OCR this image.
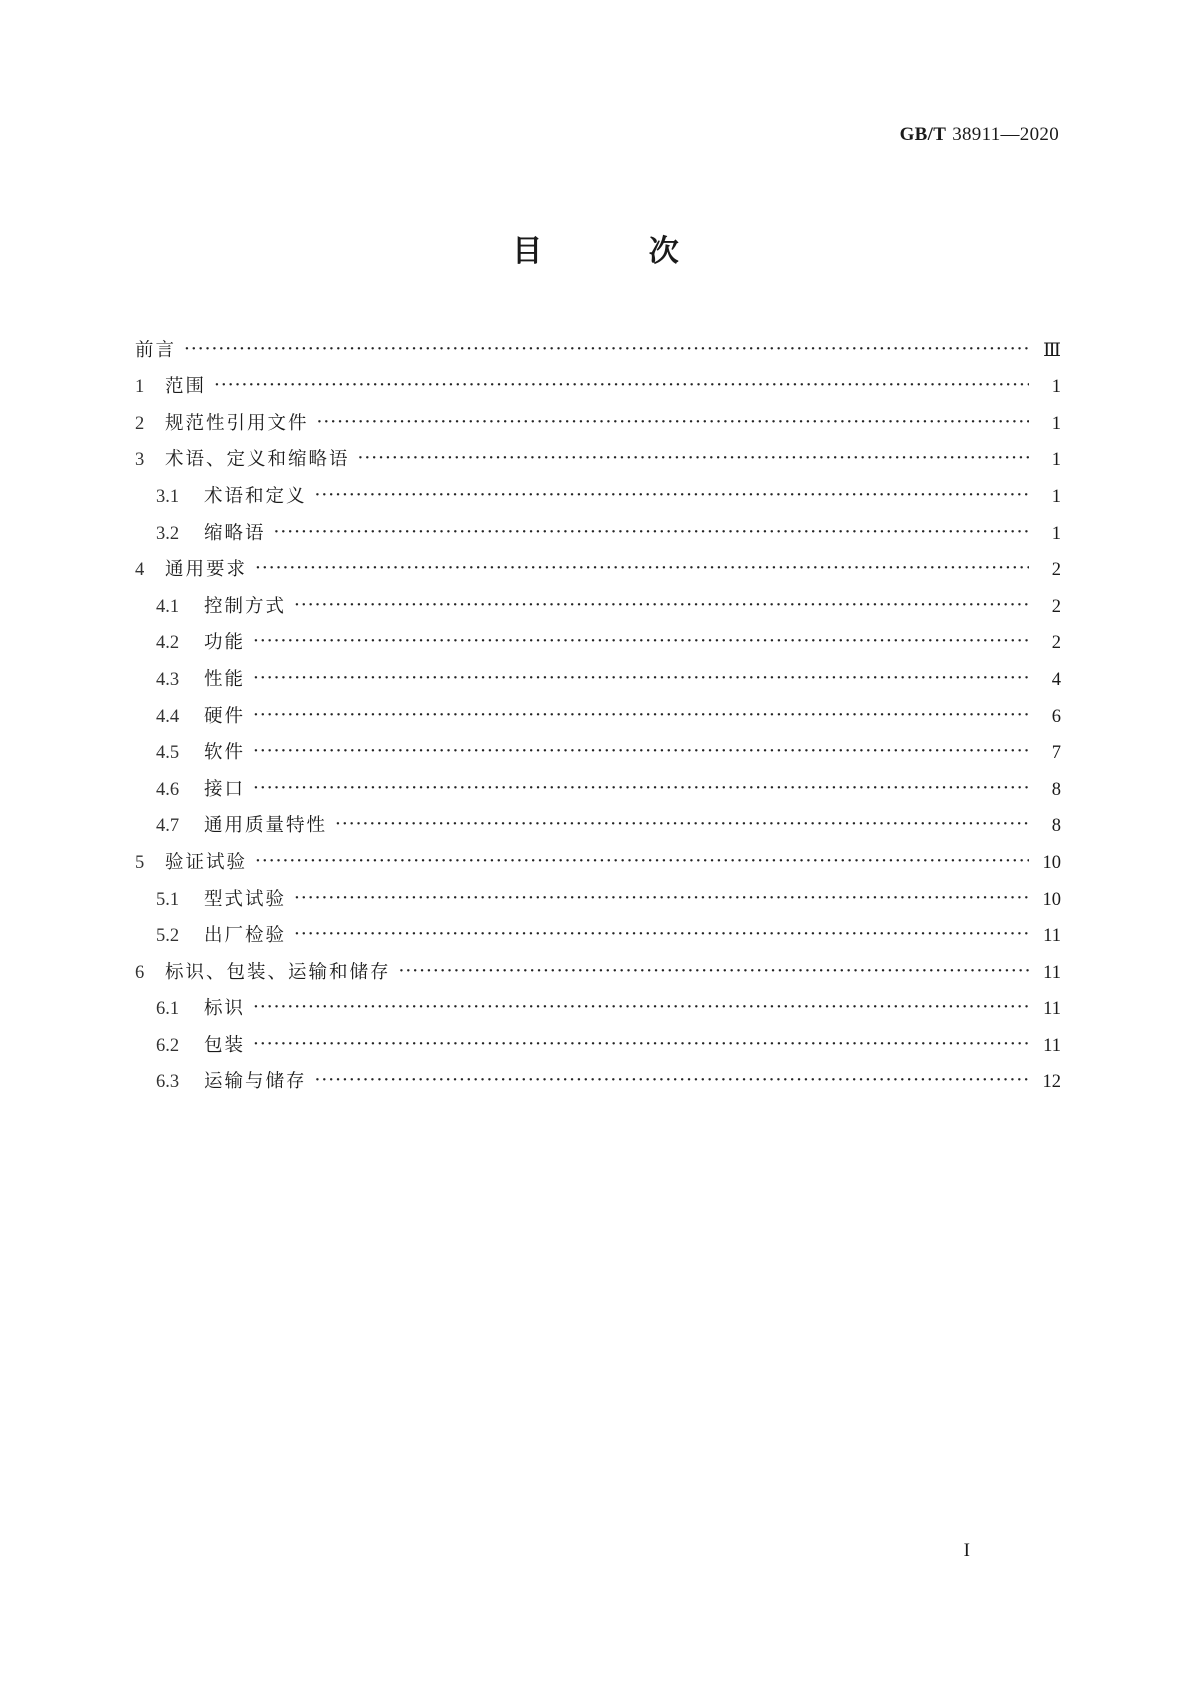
GB/T 38911—2020
目 次
前言 ·····	Ⅲ
1	范围 ·····	1
2	规范性引用文件 ·····	1
3	术语、定义和缩略语 ·····	1
3.1	术语和定义 ·····	1
3.2	缩略语 ·····	1
4	通用要求 ·····	2
4.1	控制方式 ·····	2
4.2	功能 ·····	2
4.3	性能 ·····	4
4.4	硬件 ·····	6
4.5	软件 ·····	7
4.6	接口 ·····	8
4.7	通用质量特性 ·····	8
5	验证试验 ·····	10
5.1	型式试验 ·····	10
5.2	出厂检验 ·····	11
6	标识、包装、运输和储存 ·····	11
6.1	标识 ·····	11
6.2	包装 ·····	11
6.3	运输与储存 ·····	12
I
